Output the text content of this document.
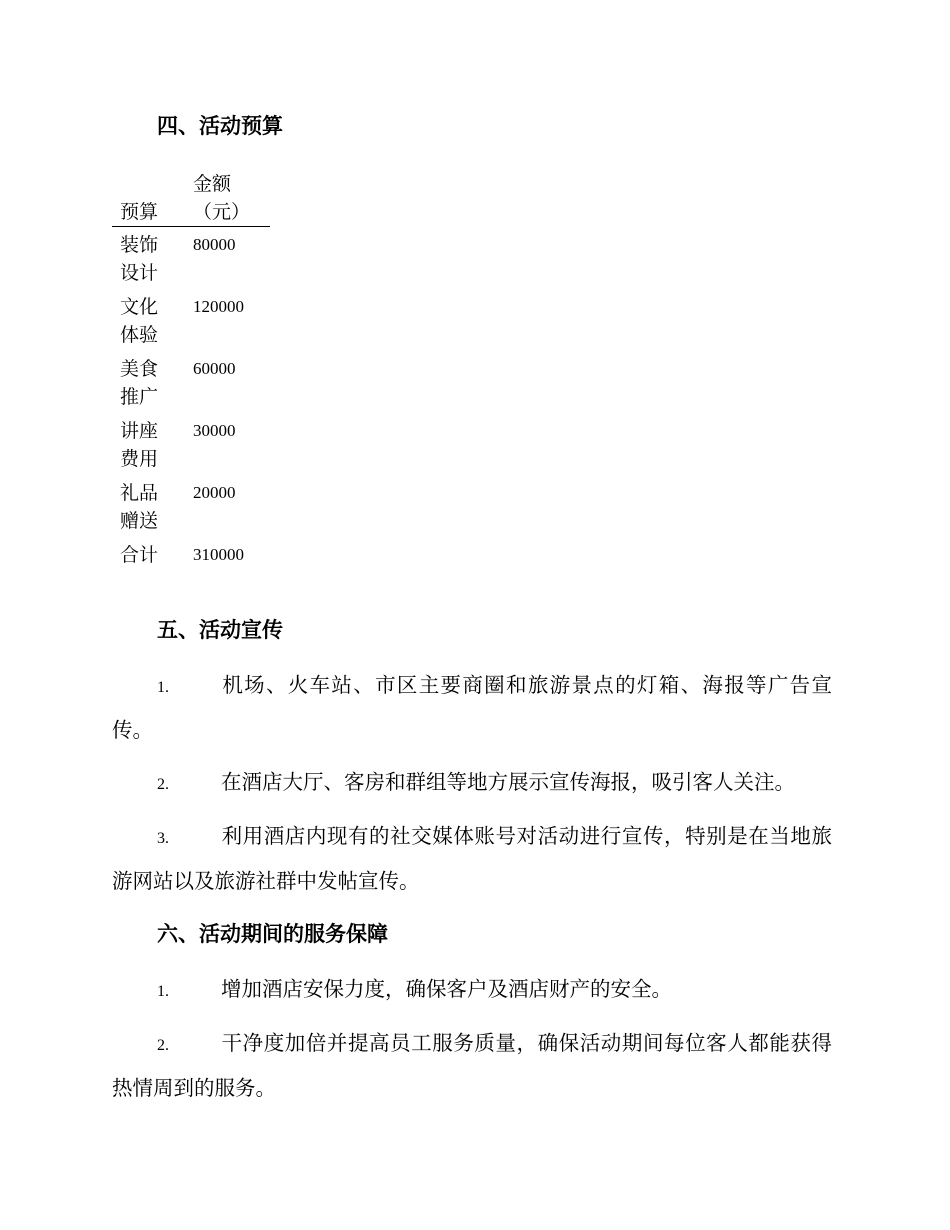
四、活动预算
预算	金额（元）

装饰设计	80000

文化体验	120000

美食推广	60000

讲座费用	30000

礼品赠送	20000

合计	310000
五、活动宣传
1.	机场、火车站、市区主要商圈和旅游景点的灯箱、海报等广告宣传。
2.	在酒店大厅、客房和群组等地方展示宣传海报，吸引客人关注。
3.	利用酒店内现有的社交媒体账号对活动进行宣传，特别是在当地旅游网站以及旅游社群中发帖宣传。
六、活动期间的服务保障
1.	增加酒店安保力度，确保客户及酒店财产的安全。
2.	干净度加倍并提高员工服务质量，确保活动期间每位客人都能获得热情周到的服务。
